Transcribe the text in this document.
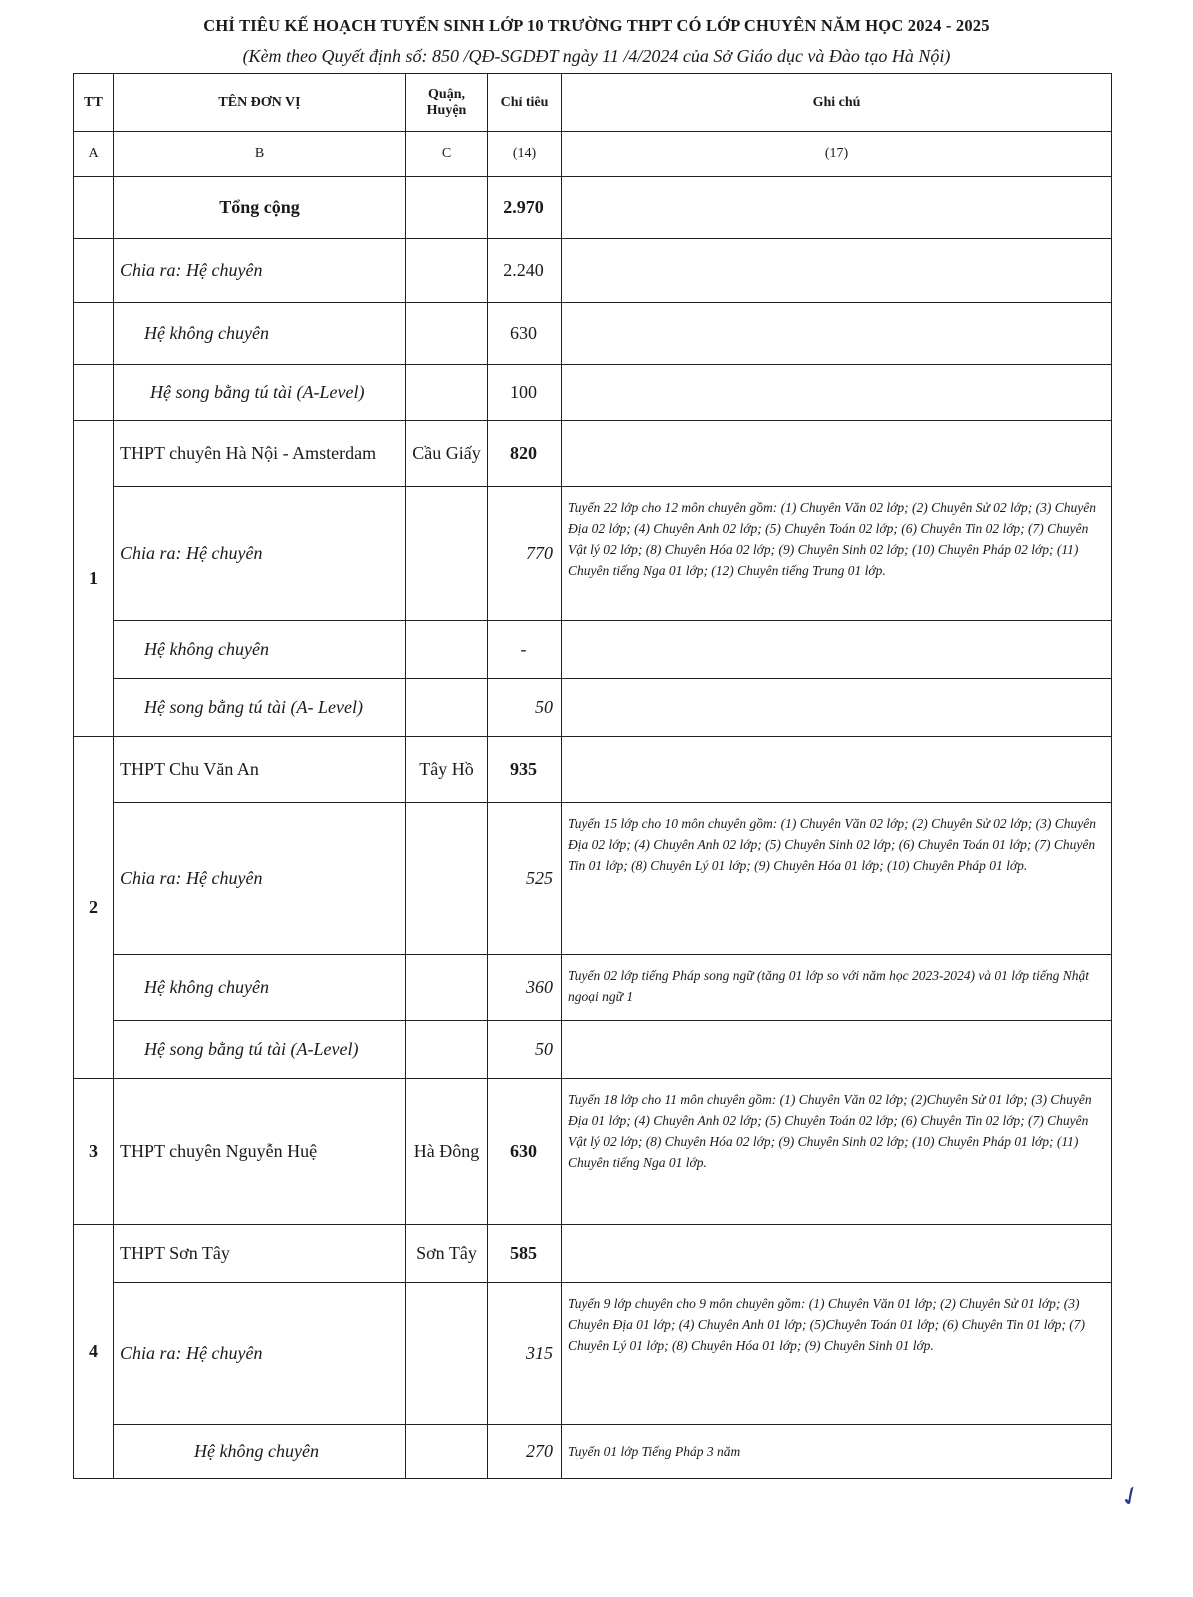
CHỈ TIÊU KẾ HOẠCH TUYỂN SINH LỚP 10 TRƯỜNG THPT CÓ LỚP CHUYÊN NĂM HỌC 2024 - 2025
(Kèm theo Quyết định số: 850 /QĐ-SGDĐT ngày 11 /4/2024 của Sở Giáo dục và Đào tạo Hà Nội)
TT	TÊN ĐƠN VỊ	Quận, Huyện	Chỉ tiêu	Ghi chú
A	B	C	(14)	(17)
	Tổng cộng		2.970	
	Chia ra: Hệ chuyên		2.240	
	Hệ không chuyên		630	
	Hệ song bằng tú tài (A-Level)		100	
1	THPT chuyên Hà Nội - Amsterdam	Cầu Giấy	820	
	Chia ra: Hệ chuyên		770	Tuyển 22 lớp cho 12 môn chuyên gồm: (1) Chuyên Văn 02 lớp; (2) Chuyên Sử 02 lớp; (3) Chuyên Địa 02 lớp; (4) Chuyên Anh 02 lớp; (5) Chuyên Toán 02 lớp; (6) Chuyên Tin 02 lớp; (7) Chuyên Vật lý 02 lớp; (8) Chuyên Hóa 02 lớp; (9) Chuyên Sinh 02 lớp; (10) Chuyên Pháp 02 lớp; (11) Chuyên tiếng Nga 01 lớp; (12) Chuyên tiếng Trung 01 lớp.
	Hệ không chuyên		-	
	Hệ song bằng tú tài (A- Level)		50	
2	THPT Chu Văn An	Tây Hồ	935	
	Chia ra: Hệ chuyên		525	Tuyển 15 lớp cho 10 môn chuyên gồm: (1) Chuyên Văn 02 lớp; (2) Chuyên Sử 02 lớp; (3) Chuyên Địa 02 lớp; (4) Chuyên Anh 02 lớp; (5) Chuyên Sinh 02 lớp; (6) Chuyên Toán 01 lớp; (7) Chuyên Tin 01 lớp; (8) Chuyên Lý 01 lớp; (9) Chuyên Hóa 01 lớp; (10) Chuyên Pháp 01 lớp.
	Hệ không chuyên		360	Tuyển 02 lớp tiếng Pháp song ngữ (tăng 01 lớp so với năm học 2023-2024) và 01 lớp tiếng Nhật ngoại ngữ 1
	Hệ song bằng tú tài (A-Level)		50	
3	THPT chuyên Nguyễn Huệ	Hà Đông	630	Tuyển 18 lớp cho 11 môn chuyên gồm: (1) Chuyên Văn 02 lớp; (2)Chuyên Sử 01 lớp; (3) Chuyên Địa 01 lớp; (4) Chuyên Anh 02 lớp; (5) Chuyên Toán 02 lớp; (6) Chuyên Tin 02 lớp; (7) Chuyên Vật lý 02 lớp; (8) Chuyên Hóa 02 lớp; (9) Chuyên Sinh 02 lớp; (10) Chuyên Pháp 01 lớp; (11) Chuyên tiếng Nga 01 lớp.
4	THPT Sơn Tây	Sơn Tây	585	
	Chia ra: Hệ chuyên		315	Tuyển 9 lớp chuyên cho 9 môn chuyên gồm: (1) Chuyên Văn 01 lớp; (2) Chuyên Sử 01 lớp; (3) Chuyên Địa 01 lớp; (4) Chuyên Anh 01 lớp; (5)Chuyên Toán 01 lớp; (6) Chuyên Tin 01 lớp; (7) Chuyên Lý 01 lớp; (8) Chuyên Hóa 01 lớp; (9) Chuyên Sinh 01 lớp.
	Hệ không chuyên		270	Tuyển 01 lớp Tiếng Pháp 3 năm
✓
